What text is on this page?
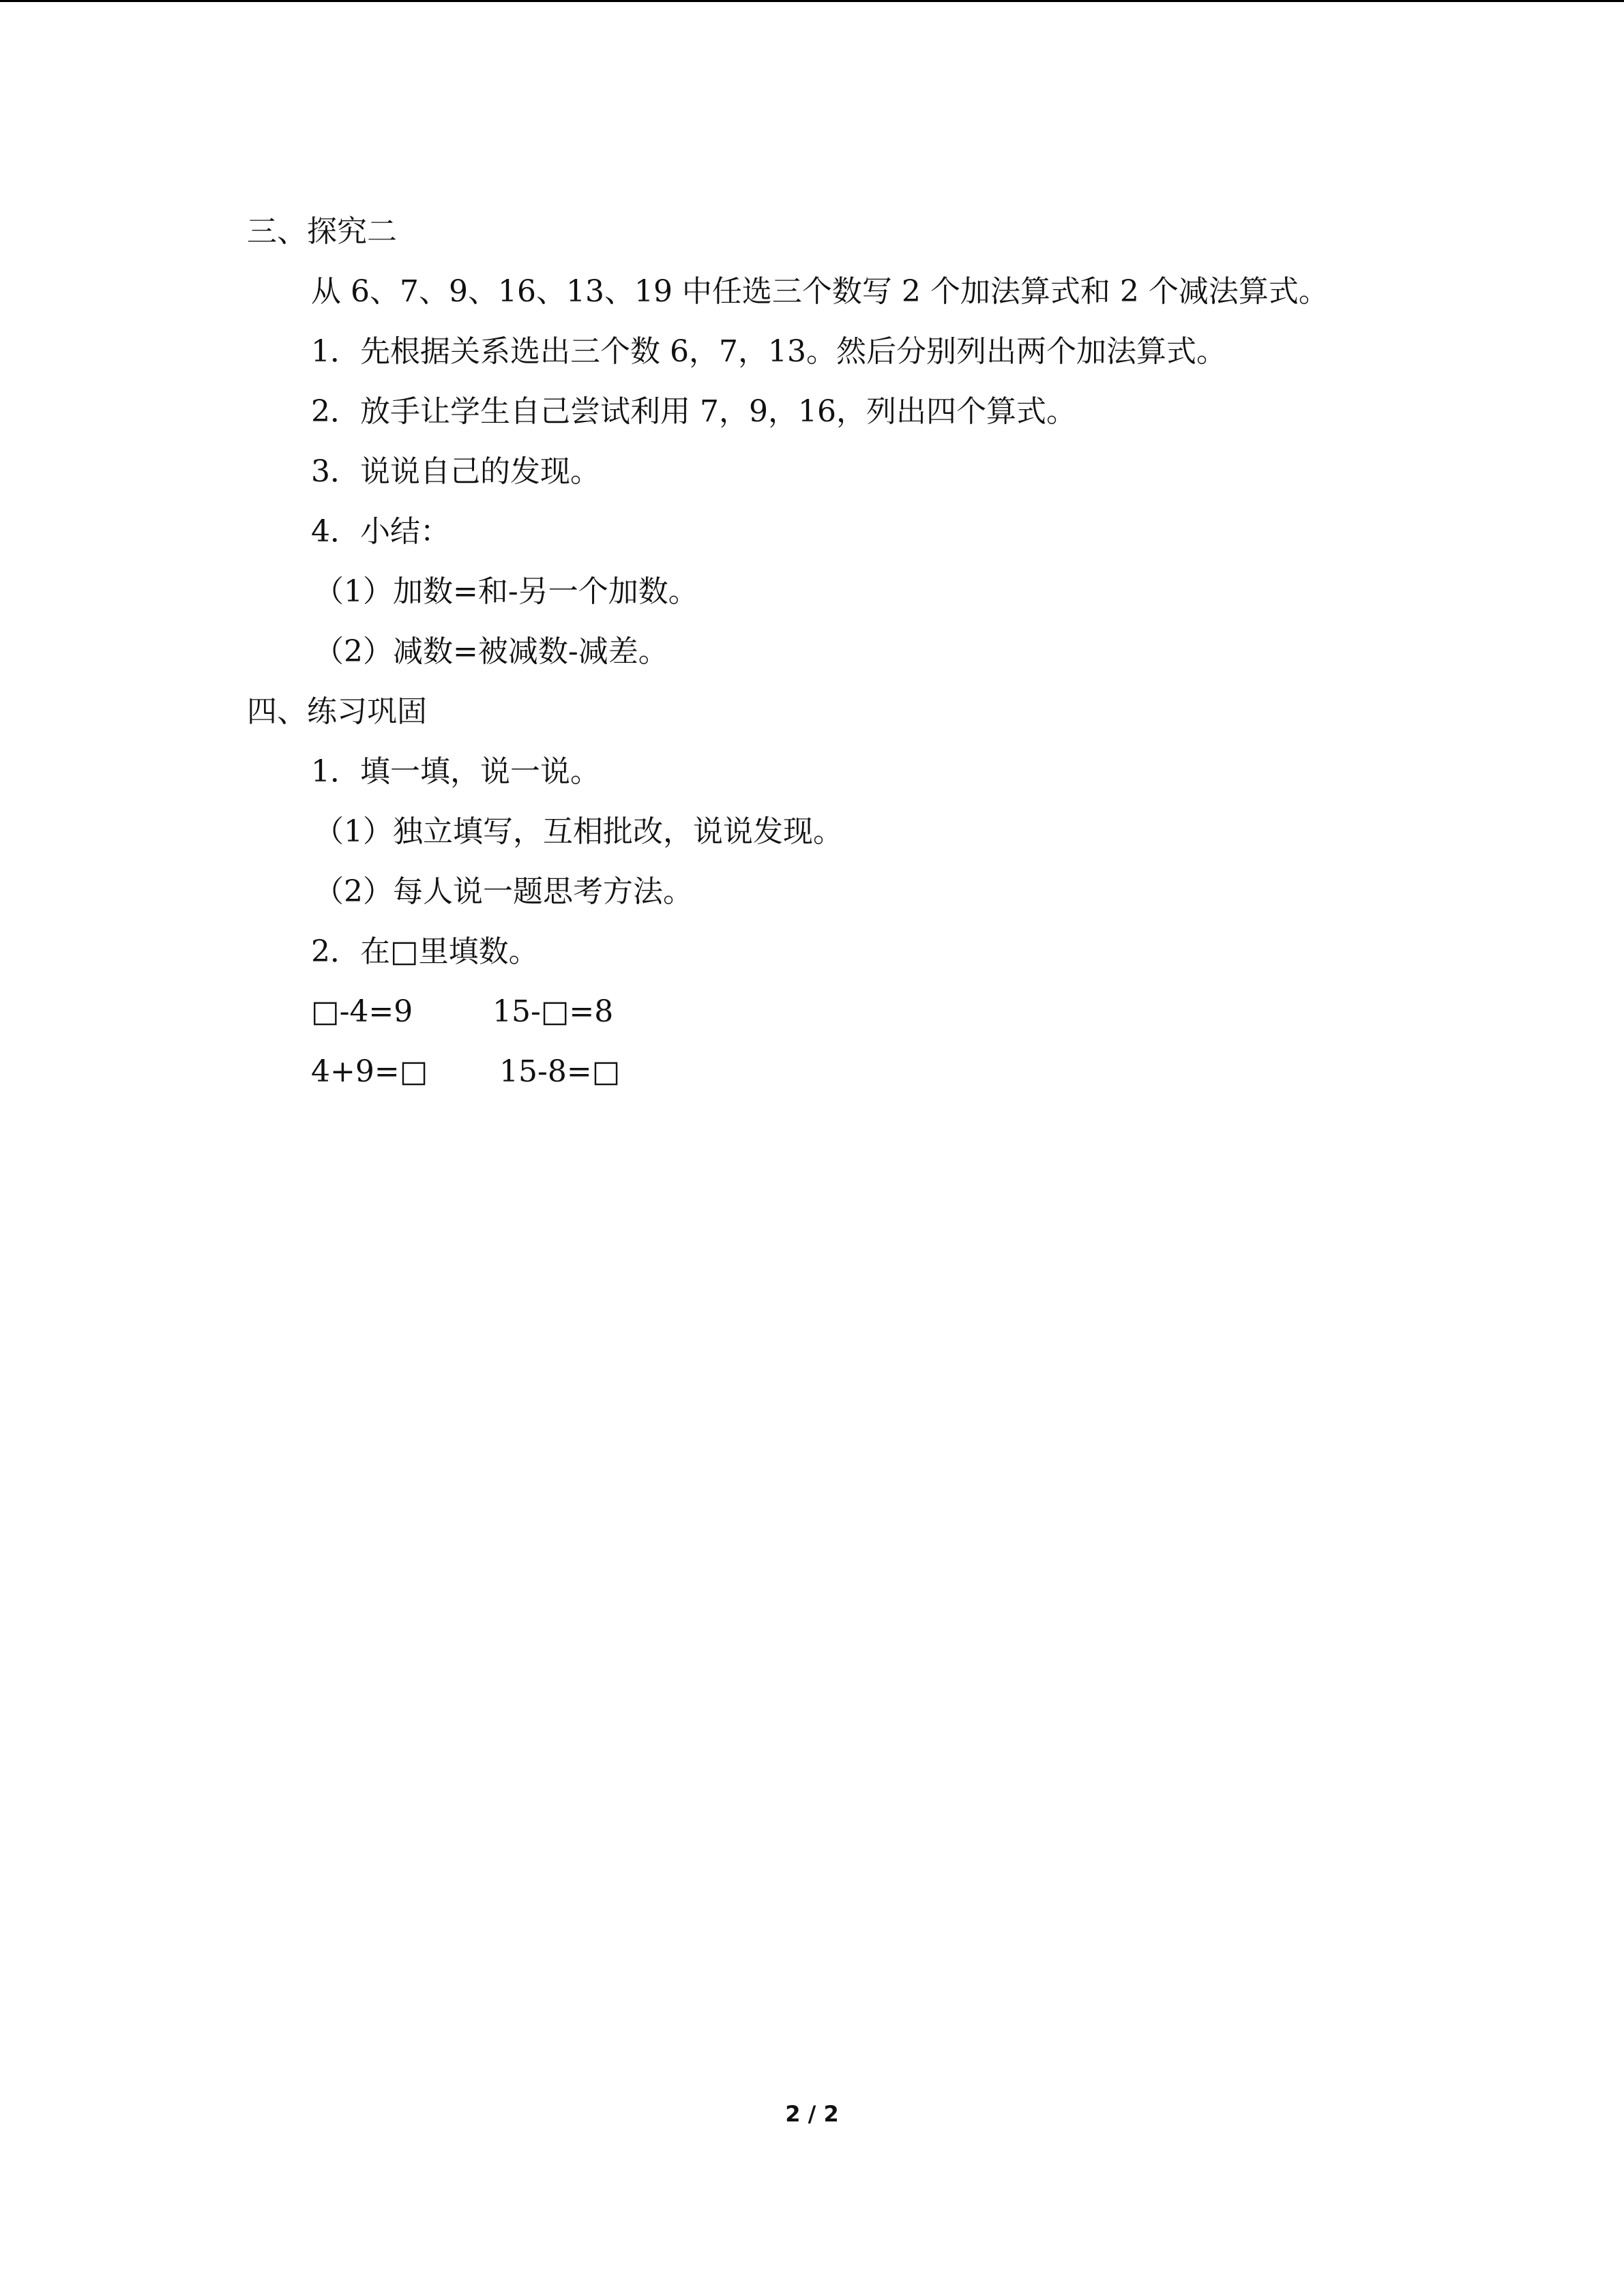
三、探究二
从 6、7、9、16、13、19 中任选三个数写 2 个加法算式和 2 个减法算式。
1．先根据关系选出三个数 6，7，13。然后分别列出两个加法算式。
2．放手让学生自己尝试利用 7，9，16，列出四个算式。
3．说说自己的发现。
4．小结：
（1）加数=和-另一个加数。
（2）减数=被减数-减差。
四、练习巩固
1．填一填，说一说。
（1）独立填写，互相批改，说说发现。
（2）每人说一题思考方法。
2．在□里填数。
□-4=9	15-□=8
4+9=□ 15-8=□
2 / 2
